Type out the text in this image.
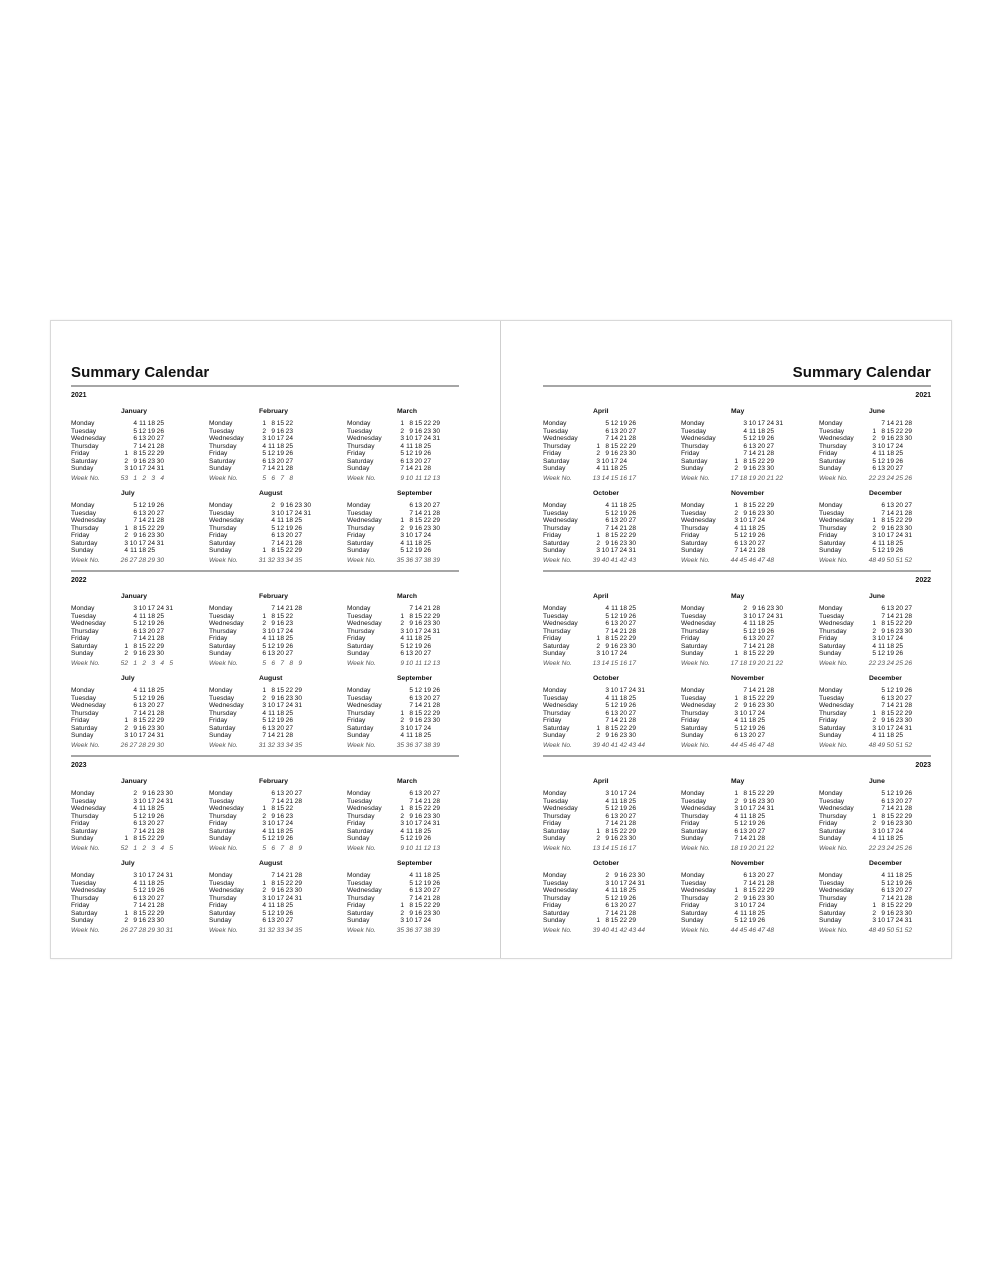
Summary Calendar
2021
January
Monday
Tuesday
Wednesday
Thursday
Friday
Saturday
Sunday
Week No.
4 11 18 25
5 12 19 26
6 13 20 27
7 14 21 28
1 8 15 22 29
2 9 16 23 30
3 10 17 24 31
53 1 2 3 4
February
Monday
Tuesday
Wednesday
Thursday
Friday
Saturday
Sunday
Week No.
1 8 15 22
2 9 16 23
3 10 17 24
4 11 18 25
5 12 19 26
6 13 20 27
7 14 21 28
5 6 7 8
March
Monday
Tuesday
Wednesday
Thursday
Friday
Saturday
Sunday
Week No.
1 8 15 22 29
2 9 16 23 30
3 10 17 24 31
4 11 18 25
5 12 19 26
6 13 20 27
7 14 21 28
9 10 11 12 13
July
Monday
Tuesday
Wednesday
Thursday
Friday
Saturday
Sunday
Week No.
5 12 19 26
6 13 20 27
7 14 21 28
1 8 15 22 29
2 9 16 23 30
3 10 17 24 31
4 11 18 25
26 27 28 29 30
August
Monday
Tuesday
Wednesday
Thursday
Friday
Saturday
Sunday
Week No.
2 9 16 23 30
3 10 17 24 31
4 11 18 25
5 12 19 26
6 13 20 27
7 14 21 28
1 8 15 22 29
31 32 33 34 35
September
Monday
Tuesday
Wednesday
Thursday
Friday
Saturday
Sunday
Week No.
6 13 20 27
7 14 21 28
1 8 15 22 29
2 9 16 23 30
3 10 17 24
4 11 18 25
5 12 19 26
35 36 37 38 39
2022
January
Monday
Tuesday
Wednesday
Thursday
Friday
Saturday
Sunday
Week No.
3 10 17 24 31
4 11 18 25
5 12 19 26
6 13 20 27
7 14 21 28
1 8 15 22 29
2 9 16 23 30
52 1 2 3 4 5
February
Monday
Tuesday
Wednesday
Thursday
Friday
Saturday
Sunday
Week No.
7 14 21 28
1 8 15 22
2 9 16 23
3 10 17 24
4 11 18 25
5 12 19 26
6 13 20 27
5 6 7 8 9
March
Monday
Tuesday
Wednesday
Thursday
Friday
Saturday
Sunday
Week No.
7 14 21 28
1 8 15 22 29
2 9 16 23 30
3 10 17 24 31
4 11 18 25
5 12 19 26
6 13 20 27
9 10 11 12 13
July
Monday
Tuesday
Wednesday
Thursday
Friday
Saturday
Sunday
Week No.
4 11 18 25
5 12 19 26
6 13 20 27
7 14 21 28
1 8 15 22 29
2 9 16 23 30
3 10 17 24 31
26 27 28 29 30
August
Monday
Tuesday
Wednesday
Thursday
Friday
Saturday
Sunday
Week No.
1 8 15 22 29
2 9 16 23 30
3 10 17 24 31
4 11 18 25
5 12 19 26
6 13 20 27
7 14 21 28
31 32 33 34 35
September
Monday
Tuesday
Wednesday
Thursday
Friday
Saturday
Sunday
Week No.
5 12 19 26
6 13 20 27
7 14 21 28
1 8 15 22 29
2 9 16 23 30
3 10 17 24
4 11 18 25
35 36 37 38 39
2023
January
Monday
Tuesday
Wednesday
Thursday
Friday
Saturday
Sunday
Week No.
2 9 16 23 30
3 10 17 24 31
4 11 18 25
5 12 19 26
6 13 20 27
7 14 21 28
1 8 15 22 29
52 1 2 3 4 5
February
Monday
Tuesday
Wednesday
Thursday
Friday
Saturday
Sunday
Week No.
6 13 20 27
7 14 21 28
1 8 15 22
2 9 16 23
3 10 17 24
4 11 18 25
5 12 19 26
5 6 7 8 9
March
Monday
Tuesday
Wednesday
Thursday
Friday
Saturday
Sunday
Week No.
6 13 20 27
7 14 21 28
1 8 15 22 29
2 9 16 23 30
3 10 17 24 31
4 11 18 25
5 12 19 26
9 10 11 12 13
July
Monday
Tuesday
Wednesday
Thursday
Friday
Saturday
Sunday
Week No.
3 10 17 24 31
4 11 18 25
5 12 19 26
6 13 20 27
7 14 21 28
1 8 15 22 29
2 9 16 23 30
26 27 28 29 30 31
August
Monday
Tuesday
Wednesday
Thursday
Friday
Saturday
Sunday
Week No.
7 14 21 28
1 8 15 22 29
2 9 16 23 30
3 10 17 24 31
4 11 18 25
5 12 19 26
6 13 20 27
31 32 33 34 35
September
Monday
Tuesday
Wednesday
Thursday
Friday
Saturday
Sunday
Week No.
4 11 18 25
5 12 19 26
6 13 20 27
7 14 21 28
1 8 15 22 29
2 9 16 23 30
3 10 17 24
35 36 37 38 39
Summary Calendar
2021
April
Monday
Tuesday
Wednesday
Thursday
Friday
Saturday
Sunday
Week No.
5 12 19 26
6 13 20 27
7 14 21 28
1 8 15 22 29
2 9 16 23 30
3 10 17 24
4 11 18 25
13 14 15 16 17
May
Monday
Tuesday
Wednesday
Thursday
Friday
Saturday
Sunday
Week No.
3 10 17 24 31
4 11 18 25
5 12 19 26
6 13 20 27
7 14 21 28
1 8 15 22 29
2 9 16 23 30
17 18 19 20 21 22
June
Monday
Tuesday
Wednesday
Thursday
Friday
Saturday
Sunday
Week No.
7 14 21 28
1 8 15 22 29
2 9 16 23 30
3 10 17 24
4 11 18 25
5 12 19 26
6 13 20 27
22 23 24 25 26
October
Monday
Tuesday
Wednesday
Thursday
Friday
Saturday
Sunday
Week No.
4 11 18 25
5 12 19 26
6 13 20 27
7 14 21 28
1 8 15 22 29
2 9 16 23 30
3 10 17 24 31
39 40 41 42 43
November
Monday
Tuesday
Wednesday
Thursday
Friday
Saturday
Sunday
Week No.
1 8 15 22 29
2 9 16 23 30
3 10 17 24
4 11 18 25
5 12 19 26
6 13 20 27
7 14 21 28
44 45 46 47 48
December
Monday
Tuesday
Wednesday
Thursday
Friday
Saturday
Sunday
Week No.
6 13 20 27
7 14 21 28
1 8 15 22 29
2 9 16 23 30
3 10 17 24 31
4 11 18 25
5 12 19 26
48 49 50 51 52
2022
April
Monday
Tuesday
Wednesday
Thursday
Friday
Saturday
Sunday
Week No.
4 11 18 25
5 12 19 26
6 13 20 27
7 14 21 28
1 8 15 22 29
2 9 16 23 30
3 10 17 24
13 14 15 16 17
May
Monday
Tuesday
Wednesday
Thursday
Friday
Saturday
Sunday
Week No.
2 9 16 23 30
3 10 17 24 31
4 11 18 25
5 12 19 26
6 13 20 27
7 14 21 28
1 8 15 22 29
17 18 19 20 21 22
June
Monday
Tuesday
Wednesday
Thursday
Friday
Saturday
Sunday
Week No.
6 13 20 27
7 14 21 28
1 8 15 22 29
2 9 16 23 30
3 10 17 24
4 11 18 25
5 12 19 26
22 23 24 25 26
October
Monday
Tuesday
Wednesday
Thursday
Friday
Saturday
Sunday
Week No.
3 10 17 24 31
4 11 18 25
5 12 19 26
6 13 20 27
7 14 21 28
1 8 15 22 29
2 9 16 23 30
39 40 41 42 43 44
November
Monday
Tuesday
Wednesday
Thursday
Friday
Saturday
Sunday
Week No.
7 14 21 28
1 8 15 22 29
2 9 16 23 30
3 10 17 24
4 11 18 25
5 12 19 26
6 13 20 27
44 45 46 47 48
December
Monday
Tuesday
Wednesday
Thursday
Friday
Saturday
Sunday
Week No.
5 12 19 26
6 13 20 27
7 14 21 28
1 8 15 22 29
2 9 16 23 30
3 10 17 24 31
4 11 18 25
48 49 50 51 52
2023
April
Monday
Tuesday
Wednesday
Thursday
Friday
Saturday
Sunday
Week No.
3 10 17 24
4 11 18 25
5 12 19 26
6 13 20 27
7 14 21 28
1 8 15 22 29
2 9 16 23 30
13 14 15 16 17
May
Monday
Tuesday
Wednesday
Thursday
Friday
Saturday
Sunday
Week No.
1 8 15 22 29
2 9 16 23 30
3 10 17 24 31
4 11 18 25
5 12 19 26
6 13 20 27
7 14 21 28
18 19 20 21 22
June
Monday
Tuesday
Wednesday
Thursday
Friday
Saturday
Sunday
Week No.
5 12 19 26
6 13 20 27
7 14 21 28
1 8 15 22 29
2 9 16 23 30
3 10 17 24
4 11 18 25
22 23 24 25 26
October
Monday
Tuesday
Wednesday
Thursday
Friday
Saturday
Sunday
Week No.
2 9 16 23 30
3 10 17 24 31
4 11 18 25
5 12 19 26
6 13 20 27
7 14 21 28
1 8 15 22 29
39 40 41 42 43 44
November
Monday
Tuesday
Wednesday
Thursday
Friday
Saturday
Sunday
Week No.
6 13 20 27
7 14 21 28
1 8 15 22 29
2 9 16 23 30
3 10 17 24
4 11 18 25
5 12 19 26
44 45 46 47 48
December
Monday
Tuesday
Wednesday
Thursday
Friday
Saturday
Sunday
Week No.
4 11 18 25
5 12 19 26
6 13 20 27
7 14 21 28
1 8 15 22 29
2 9 16 23 30
3 10 17 24 31
48 49 50 51 52
